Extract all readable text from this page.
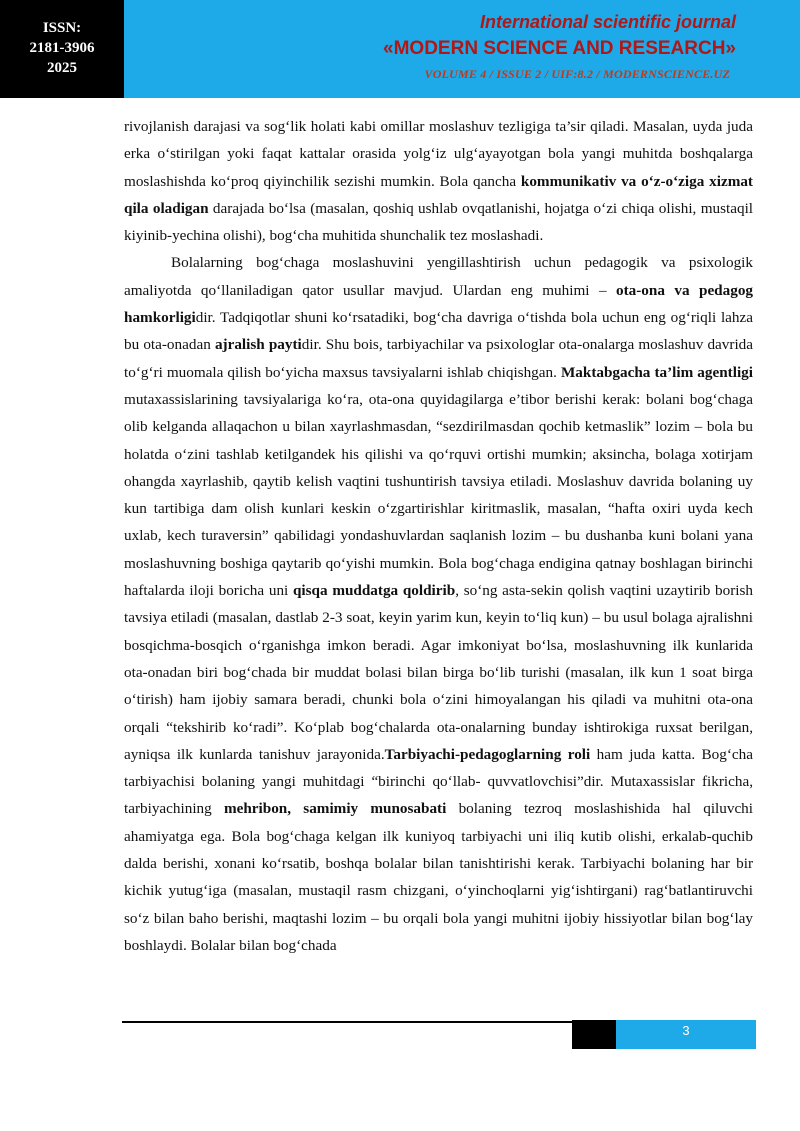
ISSN:
2181-3906
2025
International scientific journal
«MODERN SCIENCE AND RESEARCH»
VOLUME 4 / ISSUE 2 / UIF:8.2 / MODERNSCIENCE.UZ

rivojlanish darajasi va sog‘lik holati kabi omillar moslashuv tezligiga ta’sir qiladi. Masalan, uyda juda erka o‘stirilgan yoki faqat kattalar orasida yolg‘iz ulg‘ayayotgan bola yangi muhitda boshqalarga moslashishda ko‘proq qiyinchilik sezishi mumkin. Bola qancha kommunikativ va o‘z-o‘ziga xizmat qila oladigan darajada bo‘lsa (masalan, qoshiq ushlab ovqatlanishi, hojatga o‘zi chiqa olishi, mustaqil kiyinib-yechina olishi), bog‘cha muhitida shunchalik tez moslashadi.

Bolalarning bog‘chaga moslashuvini yengillashtirish uchun pedagogik va psixologik amaliyotda qo‘llaniladigan qator usullar mavjud. Ulardan eng muhimi – ota-ona va pedagog hamkorligidir. Tadqiqotlar shuni ko‘rsatadiki, bog‘cha davriga o‘tishda bola uchun eng og‘riqli lahza bu ota-onadan ajralish paytidir. Shu bois, tarbiyachilar va psixologlar ota-onalarga moslashuv davrida to‘g‘ri muomala qilish bo‘yicha maxsus tavsiyalarni ishlab chiqishgan. Maktabgacha ta’lim agentligi mutaxassislarining tavsiyalariga ko‘ra, ota-ona quyidagilarga e’tibor berishi kerak: bolani bog‘chaga olib kelganda allaqachon u bilan xayrlashmasdan, “sezdirilmasdan qochib ketmaslik” lozim – bola bu holatda o‘zini tashlab ketilgandek his qilishi va qo‘rquvi ortishi mumkin; aksincha, bolaga xotirjam ohangda xayrlashib, qaytib kelish vaqtini tushuntirish tavsiya etiladi. Moslashuv davrida bolaning uy kun tartibiga dam olish kunlari keskin o‘zgartirishlar kiritmaslik, masalan, “hafta oxiri uyda kech uxlab, kech turaversin” qabilidagi yondashuvlardan saqlanish lozim – bu dushanba kuni bolani yana moslashuvning boshiga qaytarib qo‘yishi mumkin. Bola bog‘chaga endigina qatnay boshlagan birinchi haftalarda iloji boricha uni qisqa muddatga qoldirib, so‘ng asta-sekin qolish vaqtini uzaytirib borish tavsiya etiladi (masalan, dastlab 2-3 soat, keyin yarim kun, keyin to‘liq kun) – bu usul bolaga ajralishni bosqichma-bosqich o‘rganishga imkon beradi. Agar imkoniyat bo‘lsa, moslashuvning ilk kunlarida ota-onadan biri bog‘chada bir muddat bolasi bilan birga bo‘lib turishi (masalan, ilk kun 1 soat birga o‘tirish) ham ijobiy samara beradi, chunki bola o‘zini himoyalangan his qiladi va muhitni ota-ona orqali “tekshirib ko‘radi”. Ko‘plab bog‘chalarda ota-onalarning bunday ishtirokiga ruxsat berilgan, ayniqsa ilk kunlarda tanishuv jarayonida.Tarbiyachi-pedagoglarning roli ham juda katta. Bog‘cha tarbiyachisi bolaning yangi muhitdagi “birinchi qo‘llab- quvvatlovchisi”dir. Mutaxassislar fikricha, tarbiyachining mehribon, samimiy munosabati bolaning tezroq moslashishida hal qiluvchi ahamiyatga ega. Bola bog‘chaga kelgan ilk kuniyoq tarbiyachi uni iliq kutib olishi, erkalab-quchib dalda berishi, xonani ko‘rsatib, boshqa bolalar bilan tanishtirishi kerak. Tarbiyachi bolaning har bir kichik yutug‘iga (masalan, mustaqil rasm chizgani, o‘yinchoqlarni yig‘ishtirgani) rag‘batlantiruvchi so‘z bilan baho berishi, maqtashi lozim – bu orqali bola yangi muhitni ijobiy hissiyotlar bilan bog‘lay boshlaydi. Bolalar bilan bog‘chada

3
